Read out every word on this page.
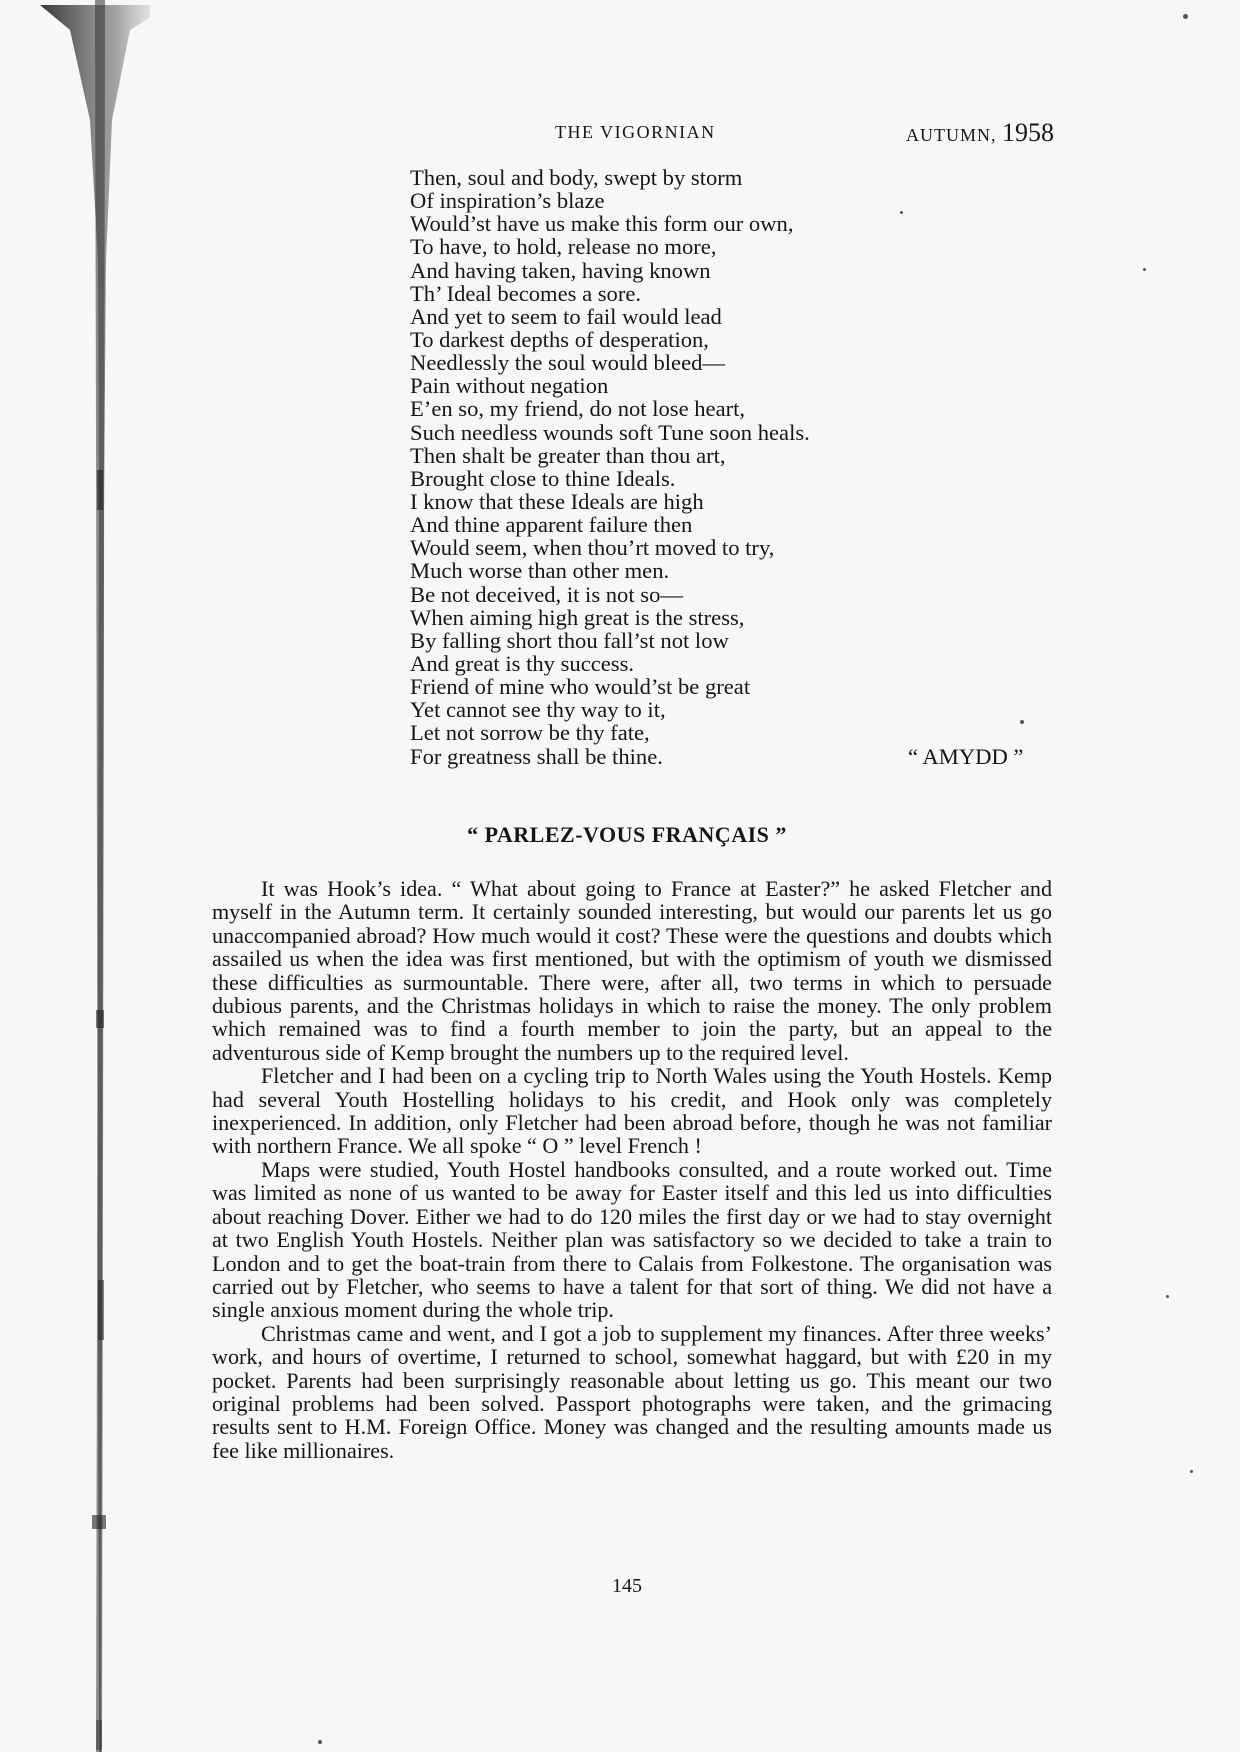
THE VIGORNIAN	AUTUMN, 1958
Then, soul and body, swept by storm
Of inspiration’s blaze
Would’st have us make this form our own,
To have, to hold, release no more,
And having taken, having known
Th’ Ideal becomes a sore.
And yet to seem to fail would lead
To darkest depths of desperation,
Needlessly the soul would bleed—
Pain without negation
E’en so, my friend, do not lose heart,
Such needless wounds soft Tune soon heals.
Then shalt be greater than thou art,
Brought close to thine Ideals.
I know that these Ideals are high
And thine apparent failure then
Would seem, when thou’rt moved to try,
Much worse than other men.
Be not deceived, it is not so—
When aiming high great is the stress,
By falling short thou fall’st not low
And great is thy success.
Friend of mine who would’st be great
Yet cannot see thy way to it,
Let not sorrow be thy fate,
For greatness shall be thine.	“ AMYDD ”
“ PARLEZ-VOUS FRANÇAIS ”

It was Hook’s idea. “ What about going to France at Easter?” he asked Fletcher and myself in the Autumn term. It certainly sounded interesting, but would our parents let us go unaccompanied abroad? How much would it cost? These were the questions and doubts which assailed us when the idea was first mentioned, but with the optimism of youth we dismissed these difficulties as surmountable. There were, after all, two terms in which to persuade dubious parents, and the Christmas holidays in which to raise the money. The only problem which remained was to find a fourth member to join the party, but an appeal to the adventurous side of Kemp brought the numbers up to the required level.

Fletcher and I had been on a cycling trip to North Wales using the Youth Hostels. Kemp had several Youth Hostelling holidays to his credit, and Hook only was completely inexperienced. In addition, only Fletcher had been abroad before, though he was not familiar with northern France. We all spoke “ O ” level French !

Maps were studied, Youth Hostel handbooks consulted, and a route worked out. Time was limited as none of us wanted to be away for Easter itself and this led us into difficulties about reaching Dover. Either we had to do 120 miles the first day or we had to stay overnight at two English Youth Hostels. Neither plan was satisfactory so we decided to take a train to London and to get the boat-train from there to Calais from Folkestone. The organisation was carried out by Fletcher, who seems to have a talent for that sort of thing. We did not have a single anxious moment during the whole trip.

Christmas came and went, and I got a job to supplement my finances. After three weeks’ work, and hours of overtime, I returned to school, somewhat haggard, but with £20 in my pocket. Parents had been surprisingly reasonable about letting us go. This meant our two original problems had been solved. Passport photographs were taken, and the grimacing results sent to H.M. Foreign Office. Money was changed and the resulting amounts made us fee like millionaires.

145
